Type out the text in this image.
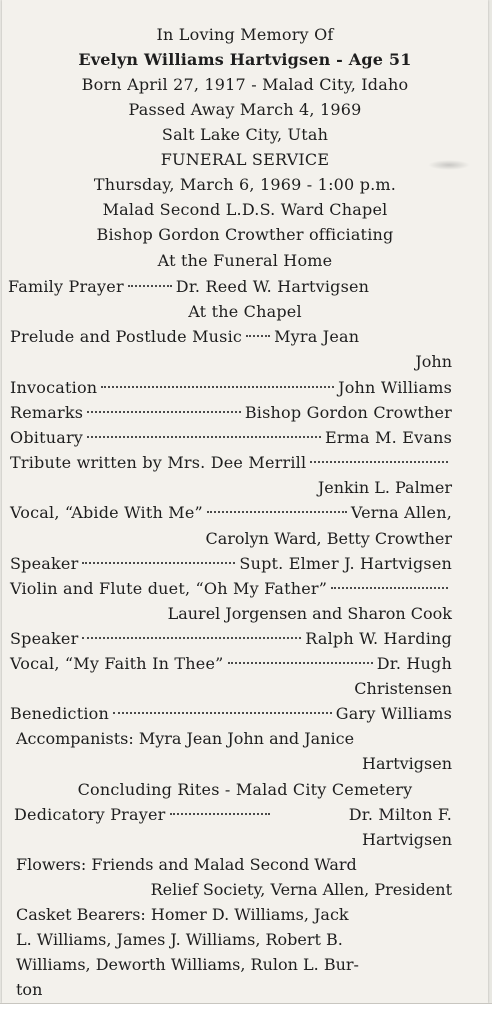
In Loving Memory Of
Evelyn Williams Hartvigsen - Age 51
Born April 27, 1917 - Malad City, Idaho
Passed Away March 4, 1969
Salt Lake City, Utah
FUNERAL SERVICE
Thursday, March 6, 1969 - 1:00 p.m.
Malad Second L.D.S. Ward Chapel
Bishop Gordon Crowther officiating
At the Funeral Home
Family Prayer	Dr. Reed W. Hartvigsen
At the Chapel
Prelude and Postlude Music Myra Jean
John
Invocation	John Williams
Remarks	Bishop Gordon Crowther
Obituary	Erma M. Evans
Tribute written by Mrs. Dee Merrill
Jenkin L. Palmer
Vocal, “Abide With Me”	Verna Allen,
Carolyn Ward, Betty Crowther
Speaker	Supt. Elmer J. Hartvigsen
Violin and Flute duet, “Oh My Father”
Laurel Jorgensen and Sharon Cook
Speaker	Ralph W. Harding
Vocal, “My Faith In Thee”	Dr. Hugh
Christensen
Benediction	Gary Williams
Accompanists: Myra Jean John and Janice
Hartvigsen
Concluding Rites - Malad City Cemetery
Dedicatory Prayer	Dr. Milton F.
Hartvigsen
Flowers: Friends and Malad Second Ward
Relief Society, Verna Allen, President
Casket Bearers: Homer D. Williams, Jack
L. Williams, James J. Williams, Robert B.
Williams, Deworth Williams, Rulon L. Bur-
ton
